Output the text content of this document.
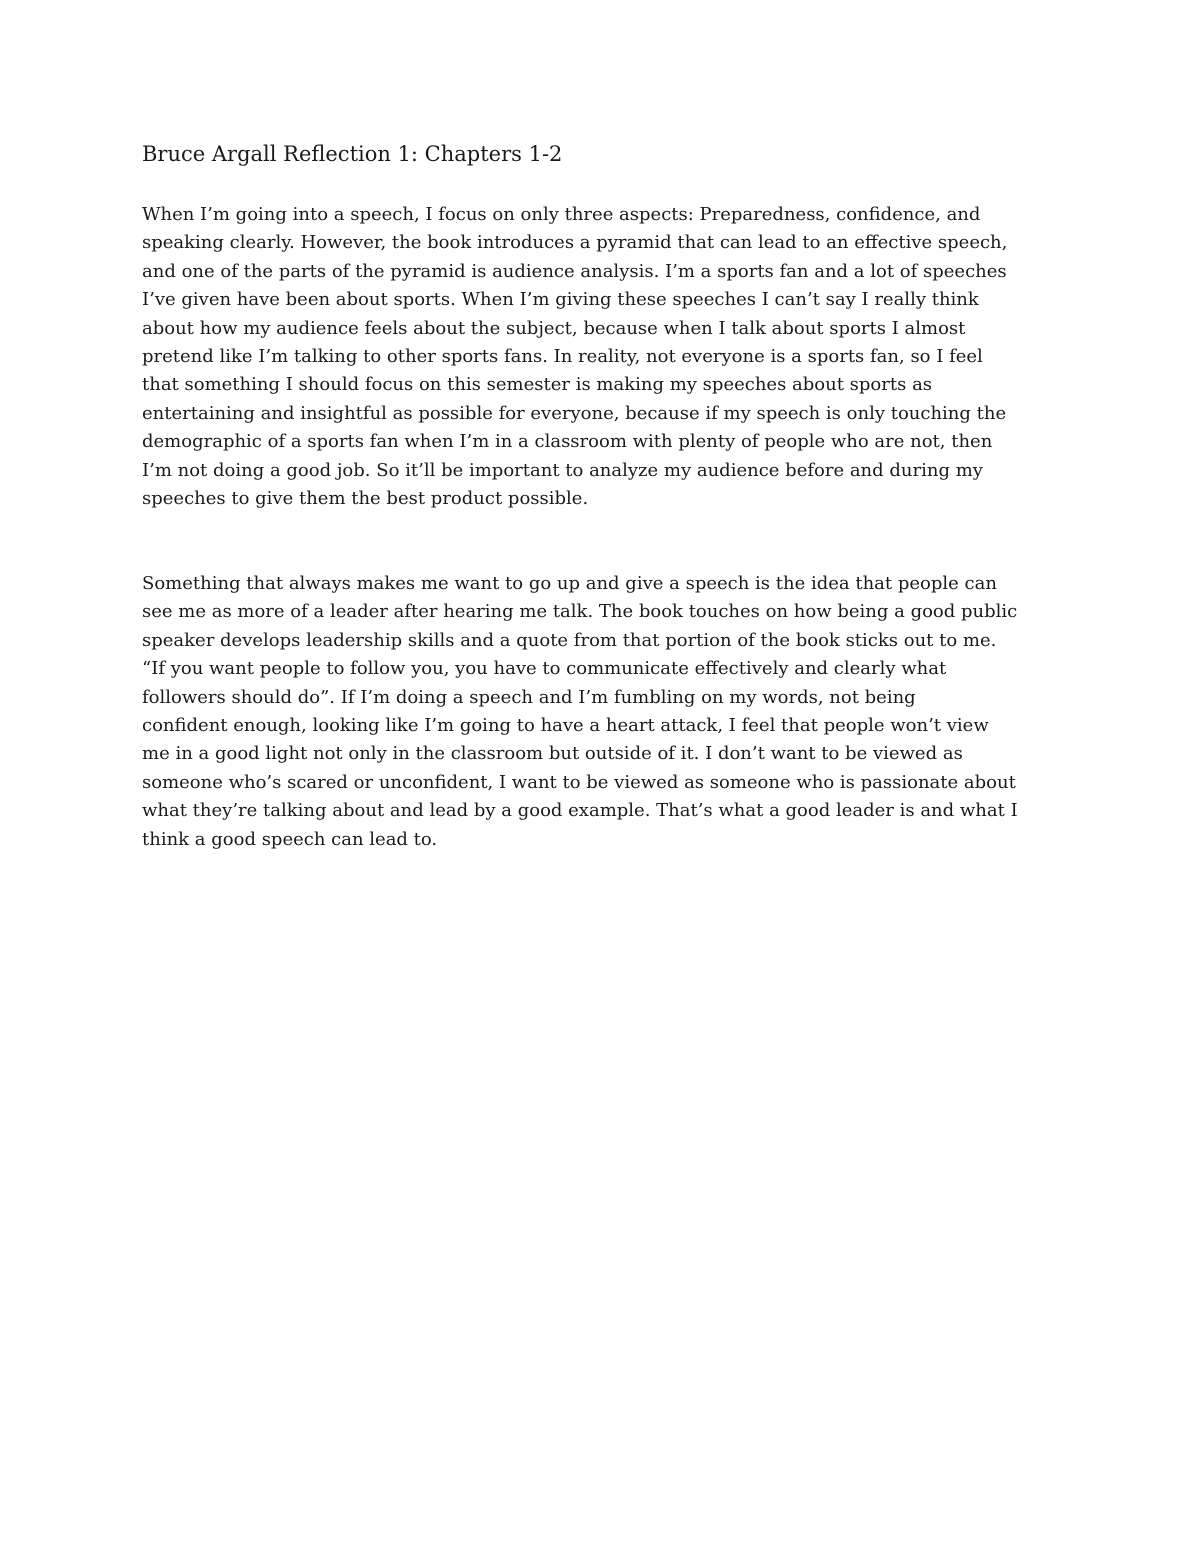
Bruce Argall Reflection 1: Chapters 1-2

When I’m going into a speech, I focus on only three aspects: Preparedness, confidence, and
speaking clearly. However, the book introduces a pyramid that can lead to an effective speech,
and one of the parts of the pyramid is audience analysis. I’m a sports fan and a lot of speeches
I’ve given have been about sports. When I’m giving these speeches I can’t say I really think
about how my audience feels about the subject, because when I talk about sports I almost
pretend like I’m talking to other sports fans. In reality, not everyone is a sports fan, so I feel
that something I should focus on this semester is making my speeches about sports as
entertaining and insightful as possible for everyone, because if my speech is only touching the
demographic of a sports fan when I’m in a classroom with plenty of people who are not, then
I’m not doing a good job. So it’ll be important to analyze my audience before and during my
speeches to give them the best product possible.

Something that always makes me want to go up and give a speech is the idea that people can
see me as more of a leader after hearing me talk. The book touches on how being a good public
speaker develops leadership skills and a quote from that portion of the book sticks out to me.
“If you want people to follow you, you have to communicate effectively and clearly what
followers should do”. If I’m doing a speech and I’m fumbling on my words, not being
confident enough, looking like I’m going to have a heart attack, I feel that people won’t view
me in a good light not only in the classroom but outside of it. I don’t want to be viewed as
someone who’s scared or unconfident, I want to be viewed as someone who is passionate about
what they’re talking about and lead by a good example. That’s what a good leader is and what I
think a good speech can lead to.
